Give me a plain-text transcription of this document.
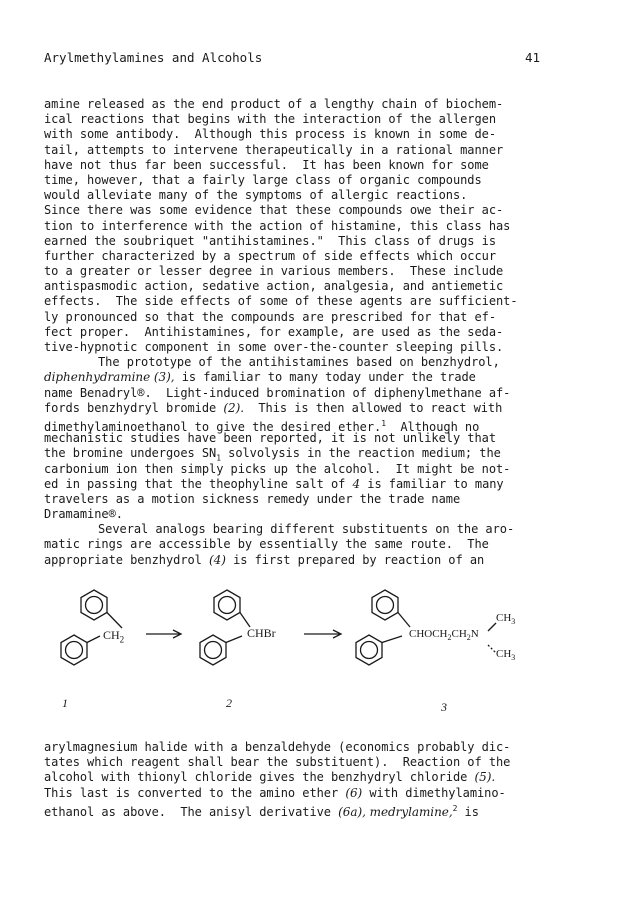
Arylmethylamines and Alcohols	41
amine released as the end product of a lengthy chain of biochem-
ical reactions that begins with the interaction of the allergen
with some antibody.  Although this process is known in some de-
tail, attempts to intervene therapeutically in a rational manner
have not thus far been successful.  It has been known for some
time, however, that a fairly large class of organic compounds
would alleviate many of the symptoms of allergic reactions.
Since there was some evidence that these compounds owe their ac-
tion to interference with the action of histamine, this class has
earned the soubriquet "antihistamines."  This class of drugs is
further characterized by a spectrum of side effects which occur
to a greater or lesser degree in various members.  These include
antispasmodic action, sedative action, analgesia, and antiemetic
effects.  The side effects of some of these agents are sufficient-
ly pronounced so that the compounds are prescribed for that ef-
fect proper.  Antihistamines, for example, are used as the seda-
tive-hypnotic component in some over-the-counter sleeping pills.
The prototype of the antihistamines based on benzhydrol,
diphenhydramine (3), is familiar to many today under the trade
name Benadryl®.  Light-induced bromination of diphenylmethane af-
fords benzhydryl bromide (2).  This is then allowed to react with
dimethylaminoethanol to give the desired ether.$^1$  Although no
mechanistic studies have been reported, it is not unlikely that
the bromine undergoes $SN_1$ solvolysis in the reaction medium; the
carbonium ion then simply picks up the alcohol.  It might be not-
ed in passing that the theophyline salt of 4 is familiar to many
travelers as a motion sickness remedy under the trade name
Dramamine®.
Several analogs bearing different substituents on the aro-
matic rings are accessible by essentially the same route.  The
appropriate benzhydrol (4) is first prepared by reaction of an
$CH_2$	CHBr	$CHOCH_2CH_2N$
$CH_3$
$CH_3$
1	2	3
arylmagnesium halide with a benzaldehyde (economics probably dic-
tates which reagent shall bear the substituent).  Reaction of the
alcohol with thionyl chloride gives the benzhydryl chloride (5).
This last is converted to the amino ether (6) with dimethylamino-
ethanol as above.  The anisyl derivative (6a), medrylamine,$^2$ is
